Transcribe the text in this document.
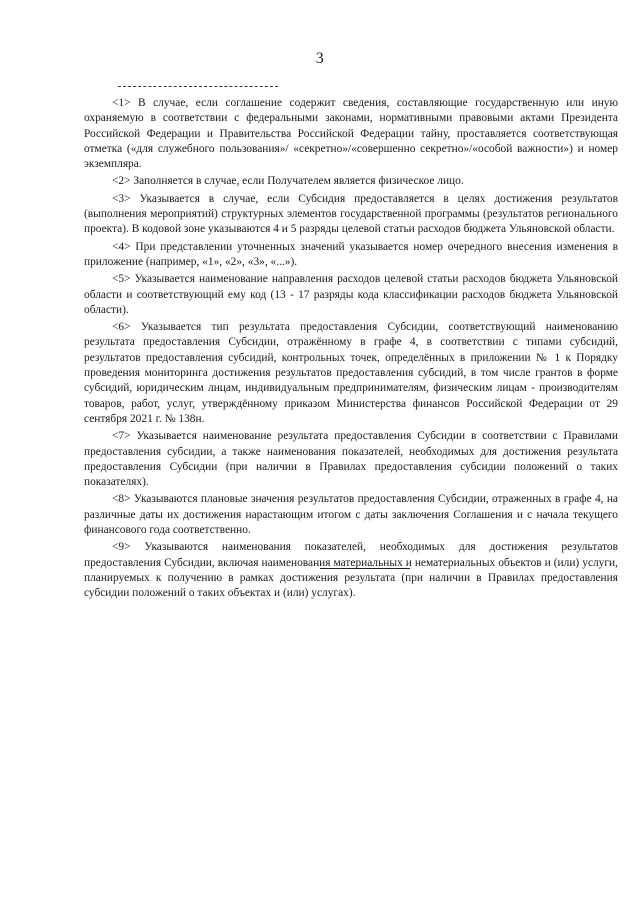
3

<1> В случае, если соглашение содержит сведения, составляющие государственную или иную охраняемую в соответствии с федеральными законами, нормативными правовыми актами Президента Российской Федерации и Правительства Российской Федерации тайну, проставляется соответствующая отметка («для служебного пользования»/ «секретно»/«совершенно секретно»/«особой важности») и номер экземпляра.

<2> Заполняется в случае, если Получателем является физическое лицо.

<3> Указывается в случае, если Субсидия предоставляется в целях достижения результатов (выполнения мероприятий) структурных элементов государственной программы (результатов регионального проекта). В кодовой зоне указываются 4 и 5 разряды целевой статьи расходов бюджета Ульяновской области.

<4> При представлении уточненных значений указывается номер очередного внесения изменения в приложение (например, «1», «2», «3», «...»).

<5> Указывается наименование направления расходов целевой статьи расходов бюджета Ульяновской области и соответствующий ему код (13 - 17 разряды кода классификации расходов бюджета Ульяновской области).

<6> Указывается тип результата предоставления Субсидии, соответствующий наименованию результата предоставления Субсидии, отражённому в графе 4, в соответствии с типами субсидий, результатов предоставления субсидий, контрольных точек, определённых в приложении № 1 к Порядку проведения мониторинга достижения результатов предоставления субсидий, в том числе грантов в форме субсидий, юридическим лицам, индивидуальным предпринимателям, физическим лицам - производителям товаров, работ, услуг, утверждённому приказом Министерства финансов Российской Федерации от 29 сентября 2021 г. № 138н.

<7> Указывается наименование результата предоставления Субсидии в соответствии с Правилами предоставления субсидии, а также наименования показателей, необходимых для достижения результата предоставления Субсидии (при наличии в Правилах предоставления субсидии положений о таких показателях).

<8> Указываются плановые значения результатов предоставления Субсидии, отраженных в графе 4, на различные даты их достижения нарастающим итогом с даты заключения Соглашения и с начала текущего финансового года соответственно.

<9> Указываются наименования показателей, необходимых для достижения результатов предоставления Субсидии, включая наименования материальных и нематериальных объектов и (или) услуги, планируемых к получению в рамках достижения результата (при наличии в Правилах предоставления субсидии положений о таких объектах и (или) услугах).
